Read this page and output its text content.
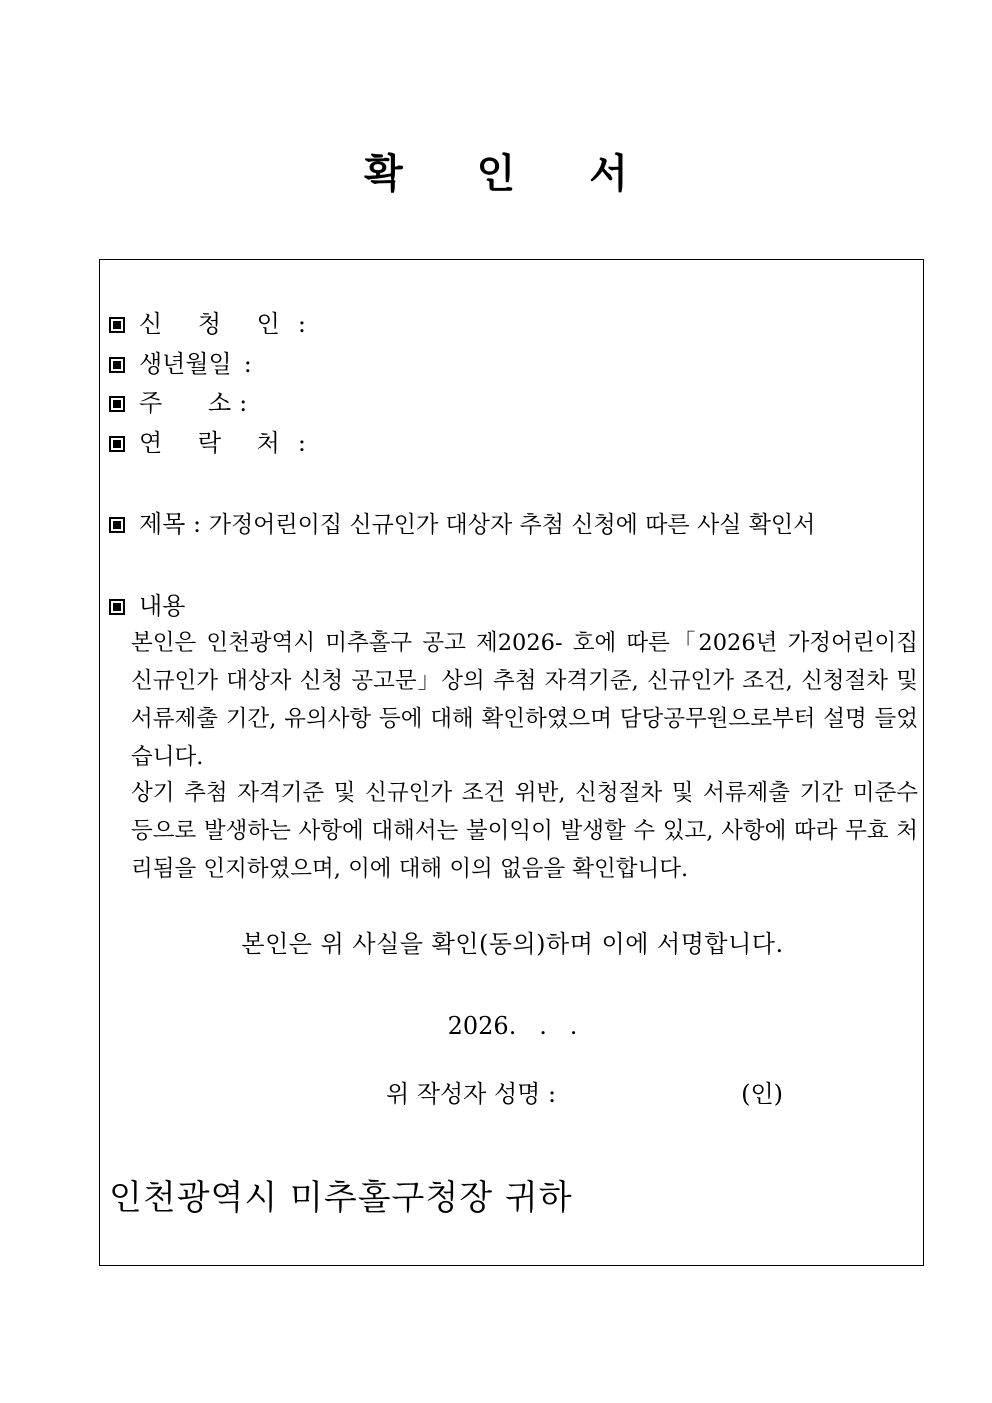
확 인 서
신 청 인 :
생년월일 :
주      소 :
연 락 처 :
제목 : 가정어린이집 신규인가 대상자 추첨 신청에 따른 사실 확인서
내용
본인은 인천광역시 미추홀구 공고 제2026- 호에 따른「2026년 가정어린이집 신규인가 대상자 신청 공고문」상의 추첨 자격기준, 신규인가 조건, 신청절차 및 서류제출 기간, 유의사항 등에 대해 확인하였으며 담당공무원으로부터 설명 들었습니다.
상기 추첨 자격기준 및 신규인가 조건 위반, 신청절차 및 서류제출 기간 미준수 등으로 발생하는 사항에 대해서는 불이익이 발생할 수 있고, 사항에 따라 무효 처리됨을 인지하였으며, 이에 대해 이의 없음을 확인합니다.
본인은 위 사실을 확인(동의)하며 이에 서명합니다.
2026.   .   .
위 작성자 성명 :	(인)
인천광역시 미추홀구청장 귀하
